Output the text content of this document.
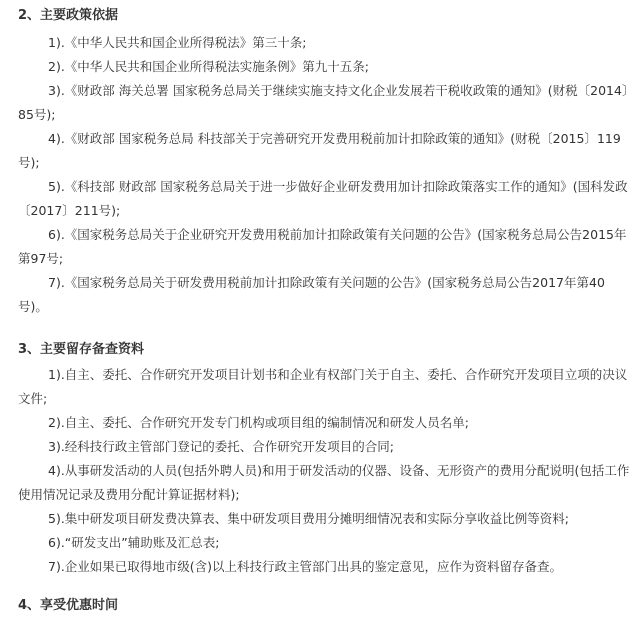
2、主要政策依据
1).《中华人民共和国企业所得税法》第三十条;
2).《中华人民共和国企业所得税法实施条例》第九十五条;
3).《财政部 海关总署 国家税务总局关于继续实施支持文化企业发展若干税收政策的通知》(财税〔2014〕85号);
4).《财政部 国家税务总局 科技部关于完善研究开发费用税前加计扣除政策的通知》(财税〔2015〕119号);
5).《科技部 财政部 国家税务总局关于进一步做好企业研发费用加计扣除政策落实工作的通知》(国科发政〔2017〕211号);
6).《国家税务总局关于企业研究开发费用税前加计扣除政策有关问题的公告》(国家税务总局公告2015年第97号;
7).《国家税务总局关于研发费用税前加计扣除政策有关问题的公告》(国家税务总局公告2017年第40号)。
3、主要留存备查资料
1).自主、委托、合作研究开发项目计划书和企业有权部门关于自主、委托、合作研究开发项目立项的决议文件;
2).自主、委托、合作研究开发专门机构或项目组的编制情况和研发人员名单;
3).经科技行政主管部门登记的委托、合作研究开发项目的合同;
4).从事研发活动的人员(包括外聘人员)和用于研发活动的仪器、设备、无形资产的费用分配说明(包括工作使用情况记录及费用分配计算证据材料);
5).集中研发项目研发费决算表、集中研发项目费用分摊明细情况表和实际分享收益比例等资料;
6).“研发支出”辅助账及汇总表;
7).企业如果已取得地市级(含)以上科技行政主管部门出具的鉴定意见，应作为资料留存备查。
4、享受优惠时间
